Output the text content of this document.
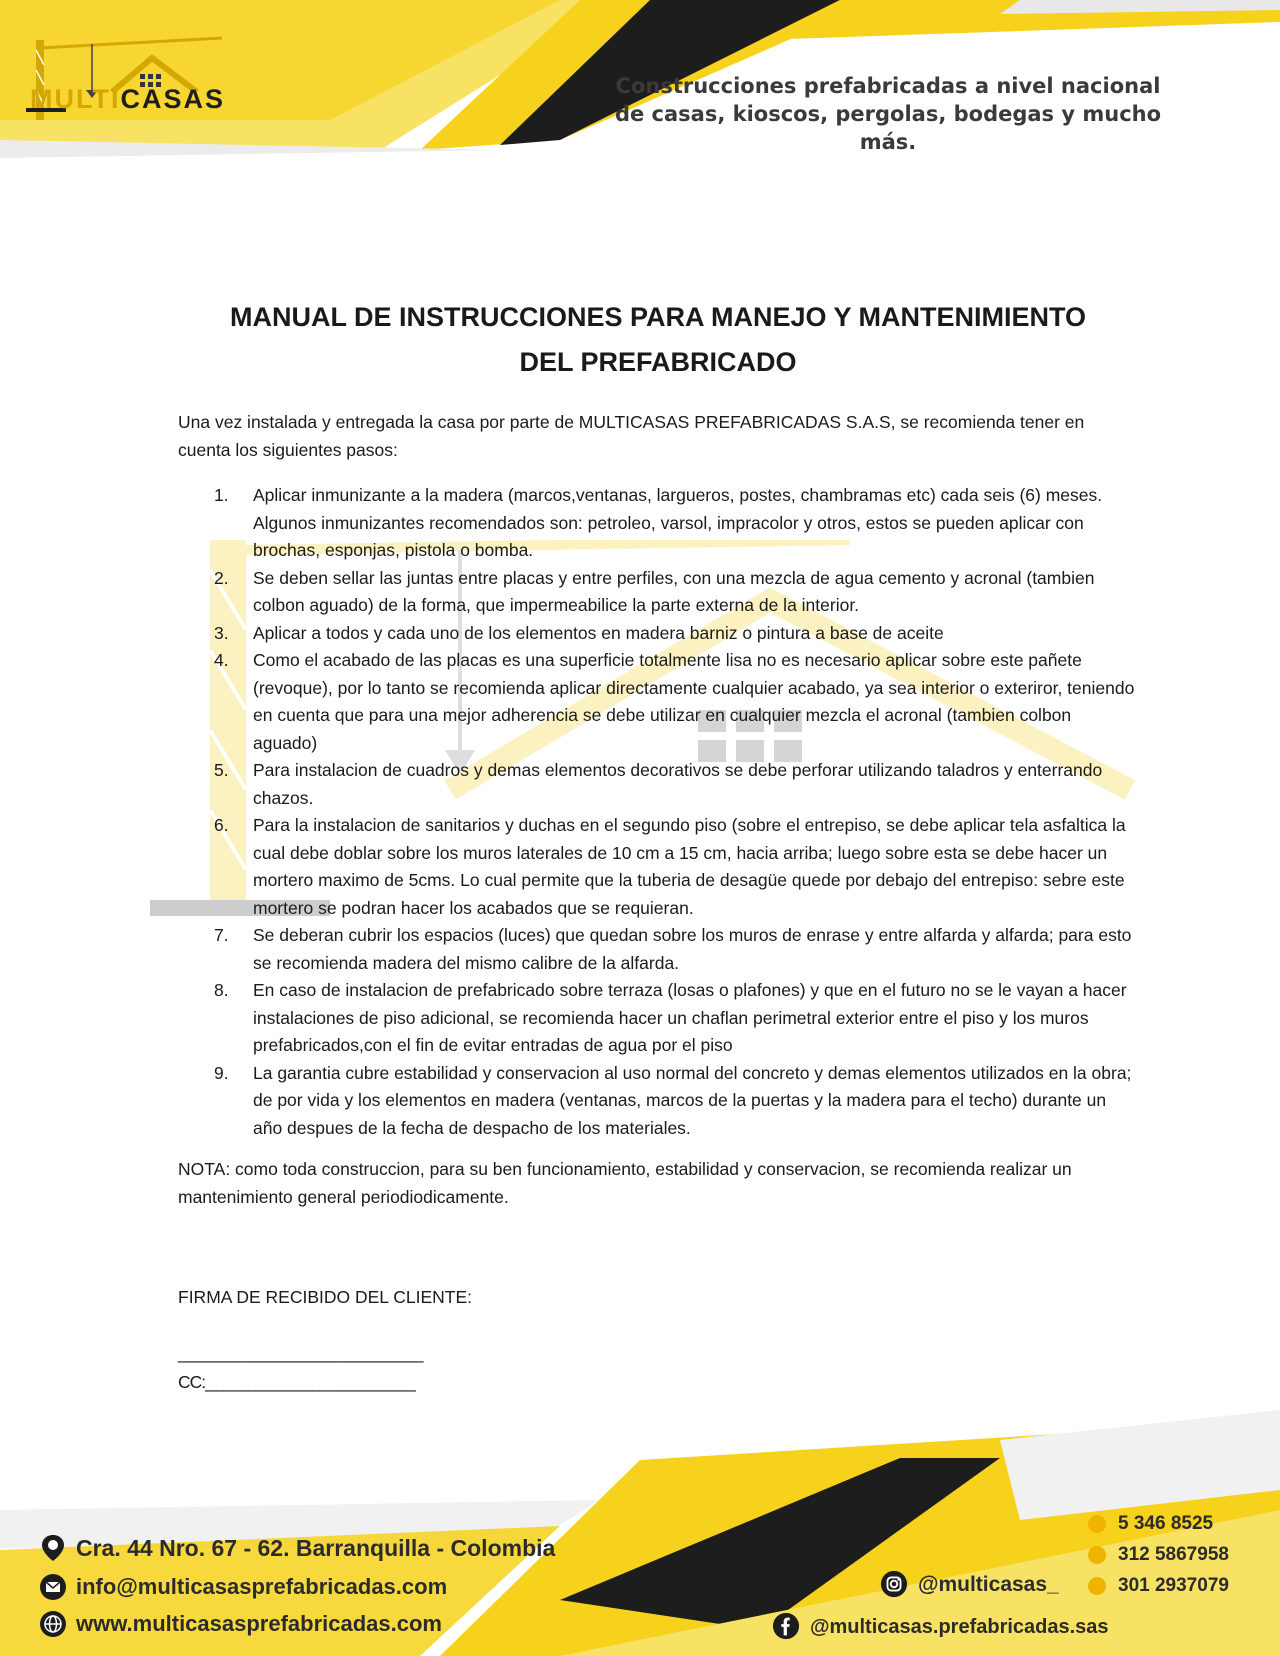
MULTICASAS	Construcciones prefabricadas a nivel nacional
de casas, kioscos, pergolas, bodegas y mucho más.
MANUAL DE INSTRUCCIONES PARA MANEJO Y MANTENIMIENTO
DEL PREFABRICADO

Una vez instalada y entregada la casa por parte de MULTICASAS PREFABRICADAS S.A.S, se recomienda tener en cuenta los siguientes pasos:

1. Aplicar inmunizante a la madera (marcos,ventanas, largueros, postes, chambramas etc) cada seis (6) meses.
Algunos inmunizantes recomendados son: petroleo, varsol, impracolor y otros, estos se pueden aplicar con brochas, esponjas, pistola o bomba.
2. Se deben sellar las juntas entre placas y entre perfiles, con una mezcla de agua cemento y acronal (tambien colbon aguado) de la forma, que impermeabilice la parte externa de la interior.
3. Aplicar a todos y cada uno de los elementos en madera barniz o pintura a base de aceite
4. Como el acabado de las placas es una superficie totalmente lisa no es necesario aplicar sobre este pañete (revoque), por lo tanto se recomienda aplicar directamente cualquier acabado, ya sea interior o exteriror, teniendo en cuenta que para una mejor adherencia se debe utilizar en cualquier mezcla el acronal (tambien colbon aguado)
5. Para instalacion de cuadros y demas elementos decorativos se debe perforar utilizando taladros y enterrando chazos.
6. Para la instalacion de sanitarios y duchas en el segundo piso (sobre el entrepiso, se debe aplicar tela asfaltica la cual debe doblar sobre los muros laterales de 10 cm a 15 cm, hacia arriba; luego sobre esta se debe hacer un mortero maximo de 5cms. Lo cual permite que la tuberia de desagüe quede por debajo del entrepiso: sebre este mortero se podran hacer los acabados que se requieran.
7. Se deberan cubrir los espacios (luces) que quedan sobre los muros de enrase y entre alfarda y alfarda; para esto se recomienda madera del mismo calibre de la alfarda.
8. En caso de instalacion de prefabricado sobre terraza (losas o plafones) y que en el futuro no se le vayan a hacer instalaciones de piso adicional, se recomienda hacer un chaflan perimetral exterior entre el piso y los muros prefabricados,con el fin de evitar entradas de agua por el piso
9. La garantia cubre estabilidad y conservacion al uso normal del concreto y demas elementos utilizados en la obra; de por vida y los elementos en madera (ventanas, marcos de la puertas y la madera para el techo) durante un año despues de la fecha de despacho de los materiales.

NOTA: como toda construccion, para su ben funcionamiento, estabilidad y conservacion, se recomienda realizar un mantenimiento general periodiodicamente.

FIRMA DE RECIBIDO DEL CLIENTE:
____________________________
CC:________________________
Cra. 44 Nro. 67 - 62. Barranquilla - Colombia
info@multicasasprefabricadas.com
www.multicasasprefabricadas.com
@multicasas_
@multicasas.prefabricadas.sas
5 346 8525
312 5867958
301 2937079
